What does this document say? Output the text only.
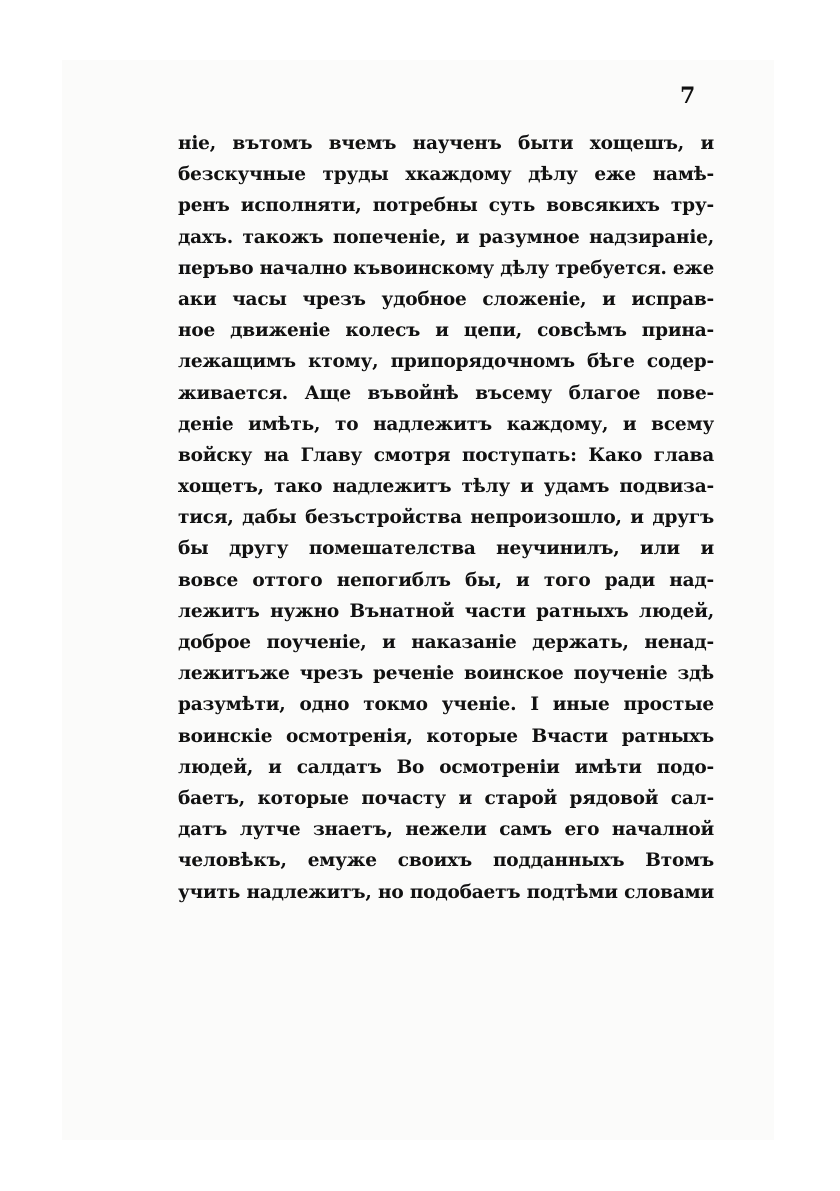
7
нiе, вътомъ вчемъ наученъ быти хощешъ, и
безскучные труды хкаждому дѣлу еже намѣ-
ренъ исполняти, потребны суть вовсякихъ тру-
дахъ. такожъ попеченiе, и разумное надзиранiе,
перъво начално къвоинскому дѣлу требуется. еже
аки часы чрезъ удобное сложенiе, и исправ-
ное движенiе колесъ и цепи, совсѣмъ прина-
лежащимъ ктому, припорядочномъ бѣге содер-
живается. Аще въвойнѣ въсему благое пове-
денiе имѣть, то надлежитъ каждому, и всему
войску на Главу смотря поступать: Како глава
хощетъ, тако надлежитъ тѣлу и удамъ подвиза-
тися, дабы безъстройства непроизошло, и другъ
бы другу помешателства неучинилъ, или и
вовсе оттого непогиблъ бы, и того ради над-
лежитъ нужно Вънатной части ратныхъ людей,
доброе поученiе, и наказанiе держать, ненад-
лежитъже чрезъ реченiе воинское поученiе здѣ
разумѣти, одно токмо ученiе. I иные простые
воинскiе осмотренiя, которые Вчасти ратныхъ
людей, и салдатъ Во осмотренiи имѣти подо-
баетъ, которые почасту и старой рядовой сал-
датъ лутче знаетъ, нежели самъ его началной
человѣкъ, емуже своихъ подданныхъ Втомъ
учить надлежитъ, но подобаетъ подтѣми словами
